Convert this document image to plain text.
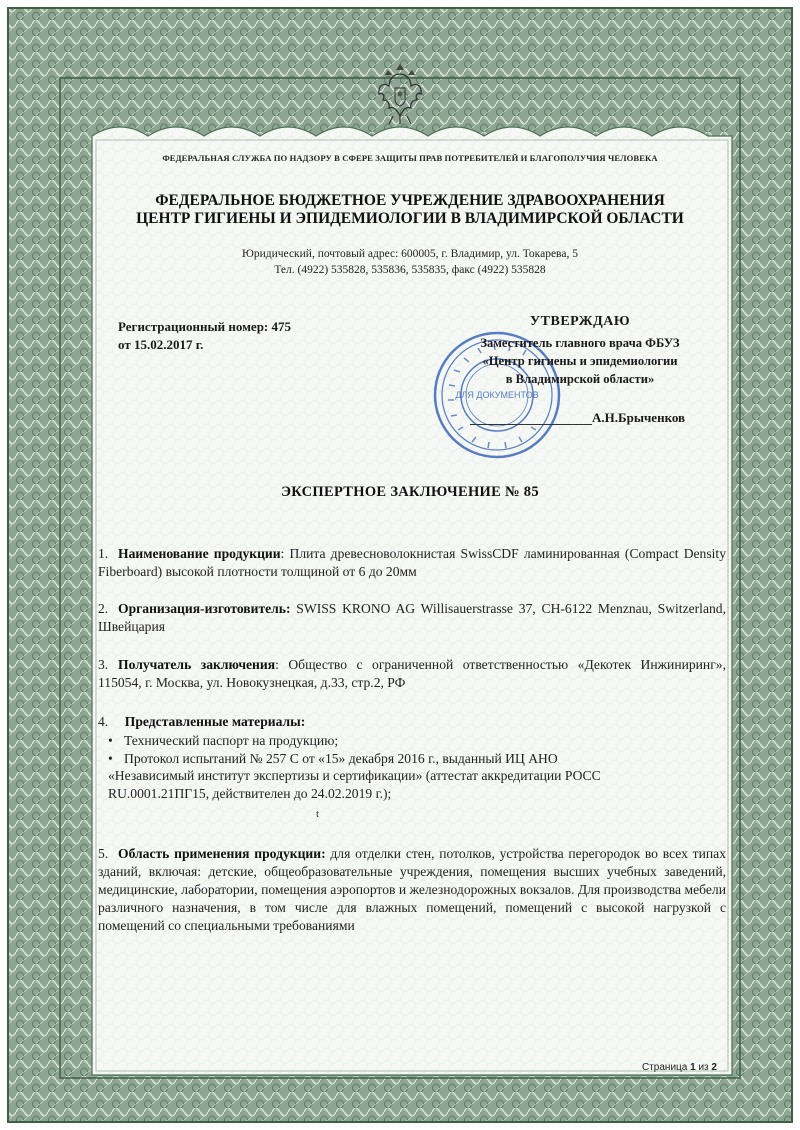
ФЕДЕРАЛЬНАЯ СЛУЖБА ПО НАДЗОРУ В СФЕРЕ ЗАЩИТЫ ПРАВ ПОТРЕБИТЕЛЕЙ И БЛАГОПОЛУЧИЯ ЧЕЛОВЕКА
ФЕДЕРАЛЬНОЕ БЮДЖЕТНОЕ УЧРЕЖДЕНИЕ ЗДРАВООХРАНЕНИЯ
ЦЕНТР ГИГИЕНЫ И ЭПИДЕМИОЛОГИИ В ВЛАДИМИРСКОЙ ОБЛАСТИ
Юридический, почтовый адрес: 600005, г. Владимир, ул. Токарева, 5
Тел. (4922) 535828, 535836, 535835, факс (4922) 535828
Регистрационный номер: 475
от 15.02.2017 г.
ДЛЯ ДОКУМЕНТОВ
УТВЕРЖДАЮ
Заместитель главного врача ФБУЗ
«Центр гигиены и эпидемиологии
в Владимирской области»
А.Н.Брыченков
ЭКСПЕРТНОЕ ЗАКЛЮЧЕНИЕ № 85
1. Наименование продукции: Плита древесноволокнистая SwissCDF ламинированная (Compact Density Fiberboard) высокой плотности толщиной от 6 до 20мм
2. Организация-изготовитель: SWISS KRONO AG Willisauerstrasse 37, CH-6122 Menznau, Switzerland, Швейцария
3. Получатель заключения: Общество с ограниченной ответственностью «Декотек Инжиниринг», 115054, г. Москва, ул. Новокузнецкая, д.33, стр.2, РФ
4. Представленные материалы:
• Технический паспорт на продукцию;
• Протокол испытаний № 257 С от «15» декабря 2016 г., выданный ИЦ АНО
«Независимый институт экспертизы и сертификации» (аттестат аккредитации РОСС
RU.0001.21ПГ15, действителен до 24.02.2019 г.);
t
5. Область применения продукции: для отделки стен, потолков, устройства перегородок во всех типах зданий, включая: детские, общеобразовательные учреждения, помещения высших учебных заведений, медицинские, лаборатории, помещения аэропортов и железнодорожных вокзалов. Для производства мебели различного назначения, в том числе для влажных помещений, помещений с высокой нагрузкой с помещений со специальными требованиями
Страница 1 из 2
